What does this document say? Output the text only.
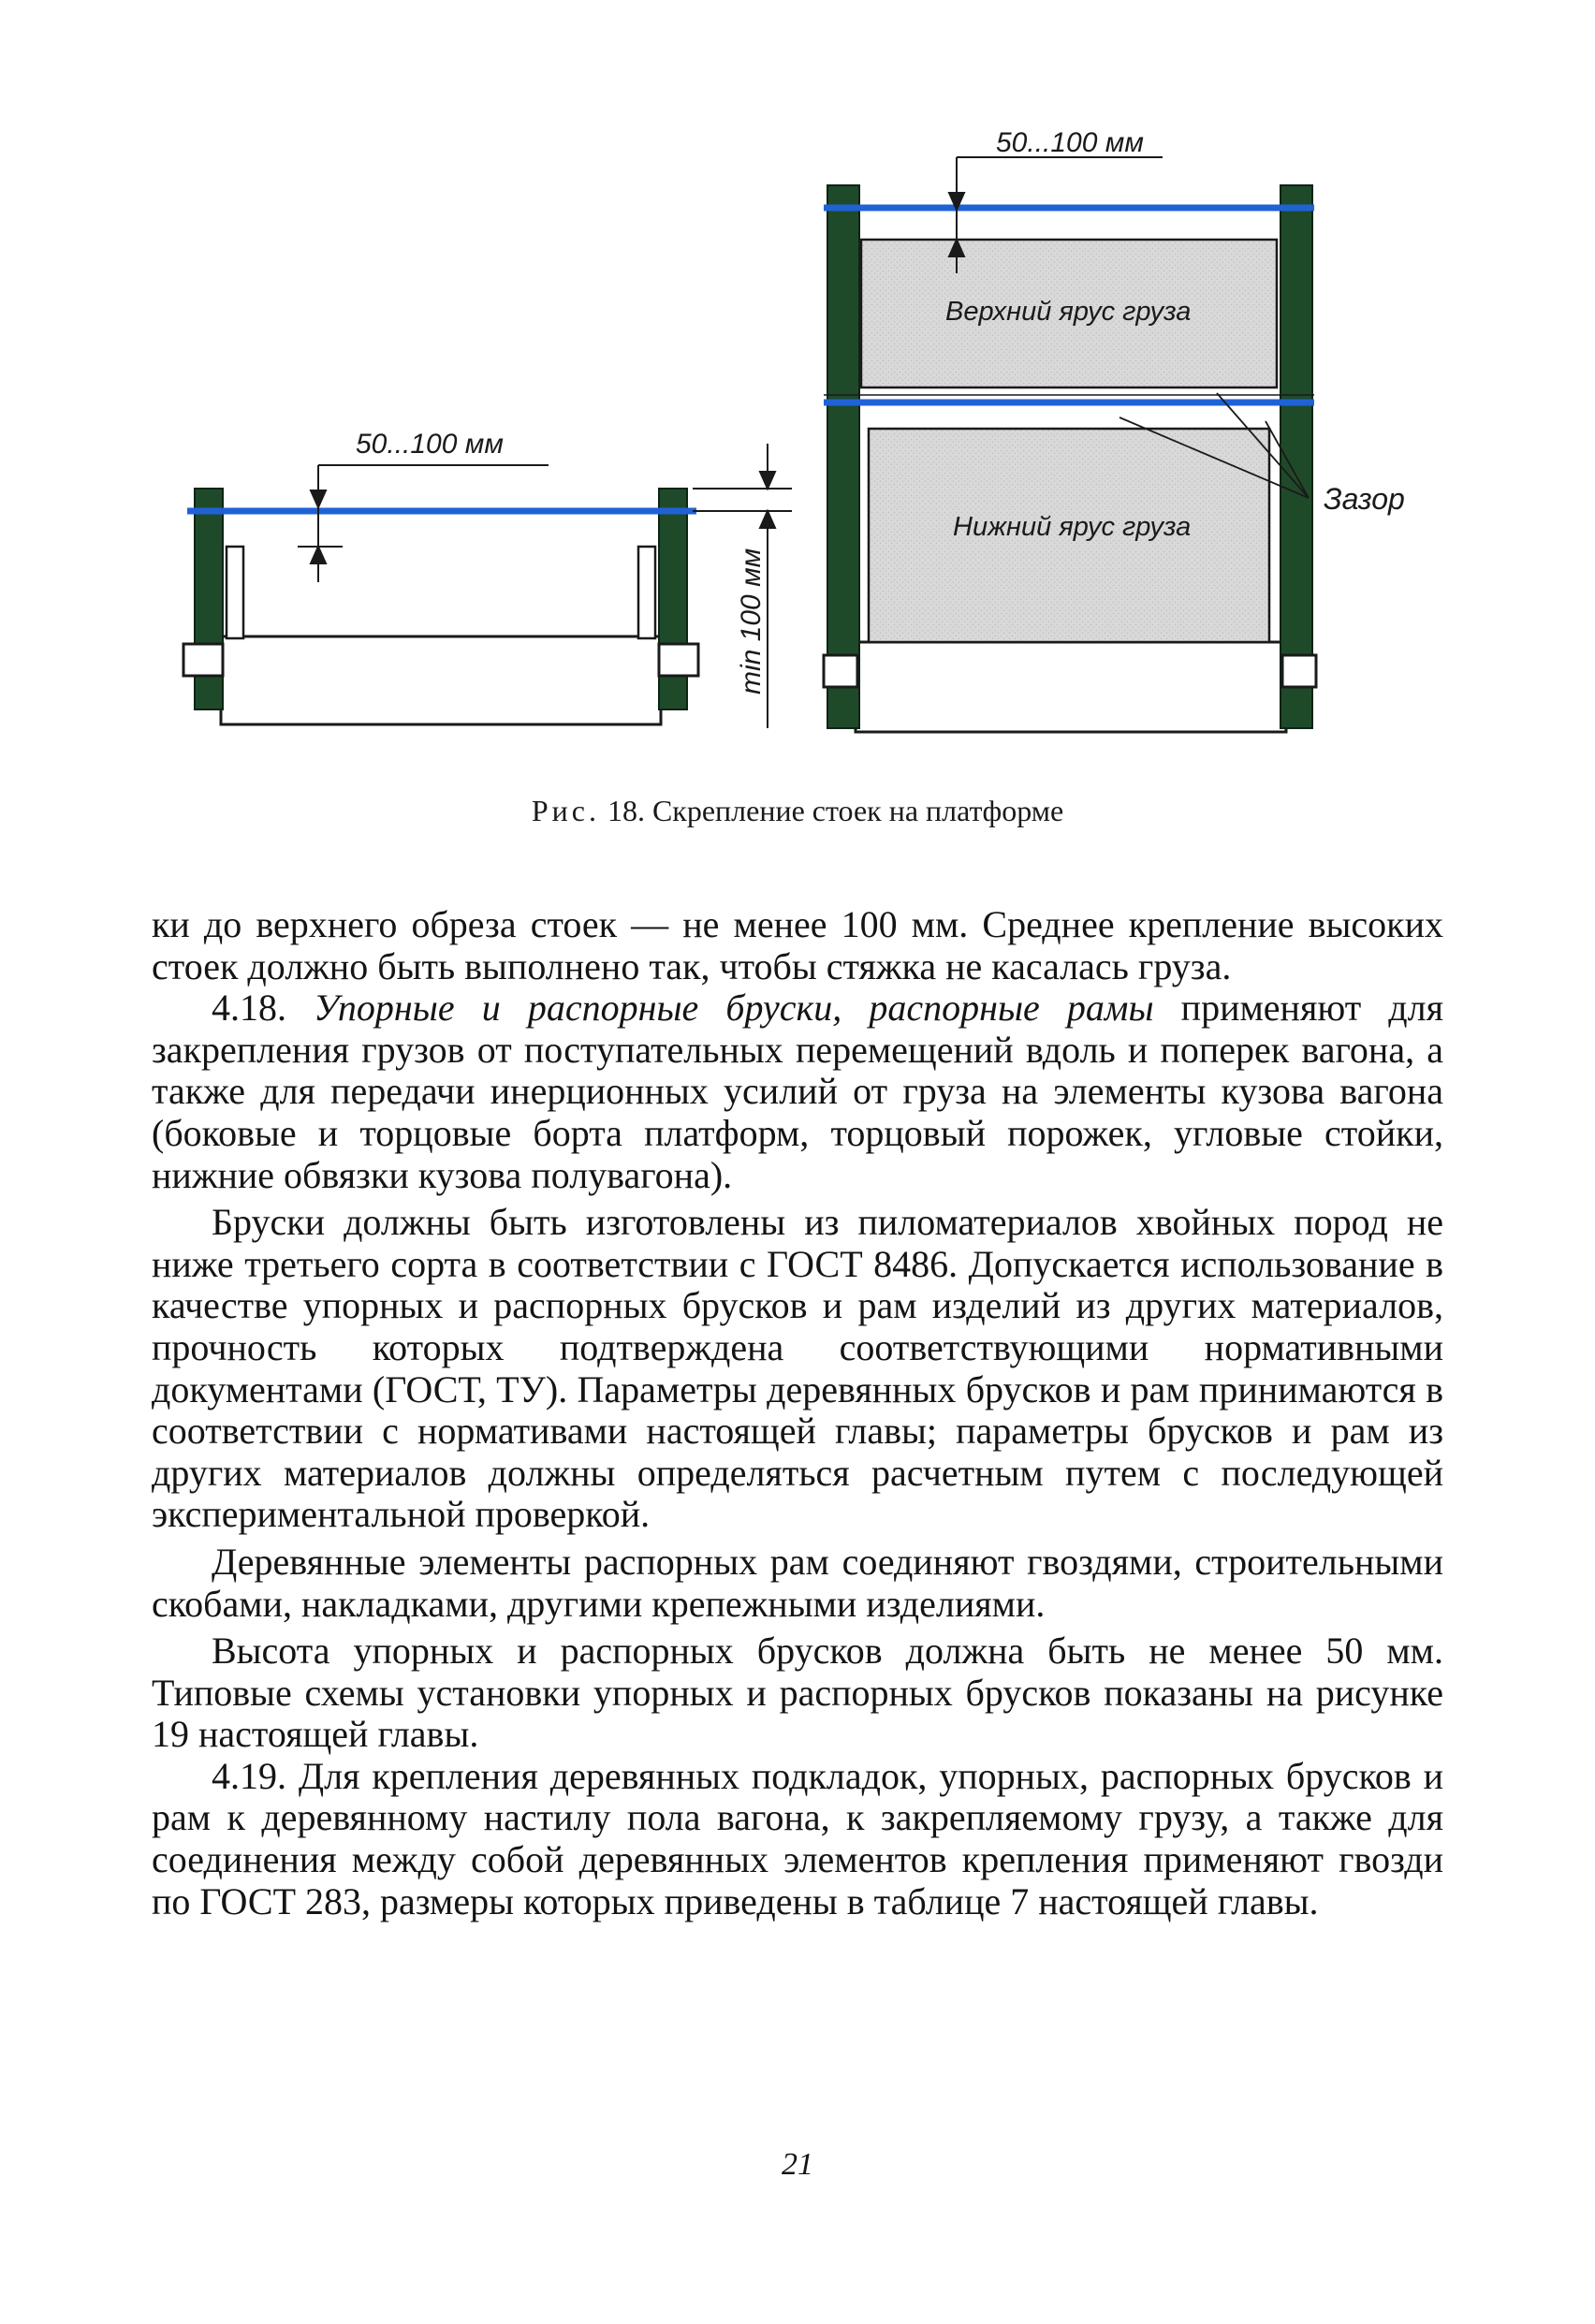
50...100 мм
min 100 мм
50...100 мм
Верхний ярус груза
Нижний ярус груза
Зазор
Рис. 18. Скрепление стоек на платформе

ки до верхнего обреза стоек — не менее 100 мм. Среднее крепление высоких стоек должно быть выполнено так, чтобы стяжка не касалась груза.

4.18. Упорные и распорные бруски, распорные рамы применяют для закрепления грузов от поступательных перемещений вдоль и поперек вагона, а также для передачи инерционных усилий от груза на элементы кузова вагона (боковые и торцовые борта платформ, торцовый порожек, угловые стойки, нижние обвязки кузова полувагона).

Бруски должны быть изготовлены из пиломатериалов хвойных пород не ниже третьего сорта в соответствии с ГОСТ 8486. Допускается использование в качестве упорных и распорных брусков и рам изделий из других материалов, прочность которых подтверждена соответствующими нормативными документами (ГОСТ, ТУ). Параметры деревянных брусков и рам принимаются в соответствии с нормативами настоящей главы; параметры брусков и рам из других материалов должны определяться расчетным путем с последующей экспериментальной проверкой.

Деревянные элементы распорных рам соединяют гвоздями, строительными скобами, накладками, другими крепежными изделиями.

Высота упорных и распорных брусков должна быть не менее 50 мм. Типовые схемы установки упорных и распорных брусков показаны на рисунке 19 настоящей главы.

4.19. Для крепления деревянных подкладок, упорных, распорных брусков и рам к деревянному настилу пола вагона, к закрепляемому грузу, а также для соединения между собой деревянных элементов крепления применяют гвозди по ГОСТ 283, размеры которых приведены в таблице 7 настоящей главы.

21
